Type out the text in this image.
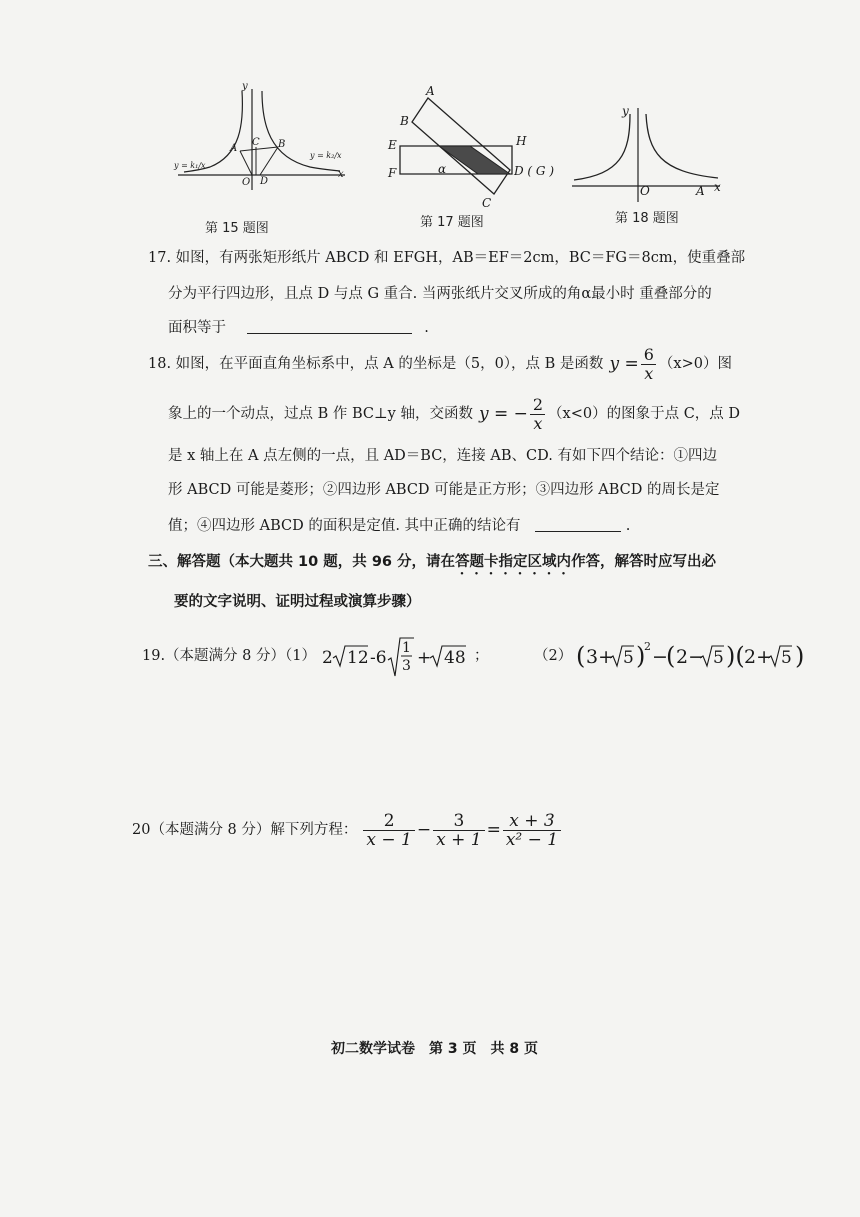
y
x
O
A
C B
D
y = k₁/x
y = k₂/x
第 15 题图
A
B
E
F
H
D ( G )
C
α
第 17 题图
y
O	A x
第 18 题图
17. 如图，有两张矩形纸片 ABCD 和 EFGH，AB＝EF＝2cm，BC＝FG＝8cm，使重叠部
分为平行四边形，且点 D 与点 G 重合. 当两张纸片交叉所成的角α最小时 重叠部分的
面积等于	.
18. 如图，在平面直角坐标系中，点 A 的坐标是（5，0），点 B 是函数 $y = \frac{6}{x} (x>0)$图
象上的一个动点，过点 B 作 BC⊥y 轴，交函数 y = − $\frac{2}{x} (x<0)$的图象于点 C，点 D
是 x 轴上在 A 点左侧的一点，且 AD＝BC，连接 AB、CD. 有如下四个结论：①四边
形 ABCD 可能是菱形；②四边形 ABCD 可能是正方形；③四边形 ABCD 的周长是定
值；④四边形 ABCD 的面积是定值. 其中正确的结论有	.
三、解答题（本大题共 10 题，共 96 分，请在答题卡指定区域内作答，解答时应写出必
要的文字说明、证明过程或演算步骤）
19.（本题满分 8 分）（1） 2 12 -6 1
3 + 48 ；	（2） ( 3+ 5 )
2 −
( 2− 5 )( 2+ 5 )
20（本题满分 8 分）解下列方程： $\frac{2}{x - 1} - \frac{3}{x + 1} = \frac{x + 3}{\text{x² − 1}}$
初二数学试卷　第 3 页　共 8 页
